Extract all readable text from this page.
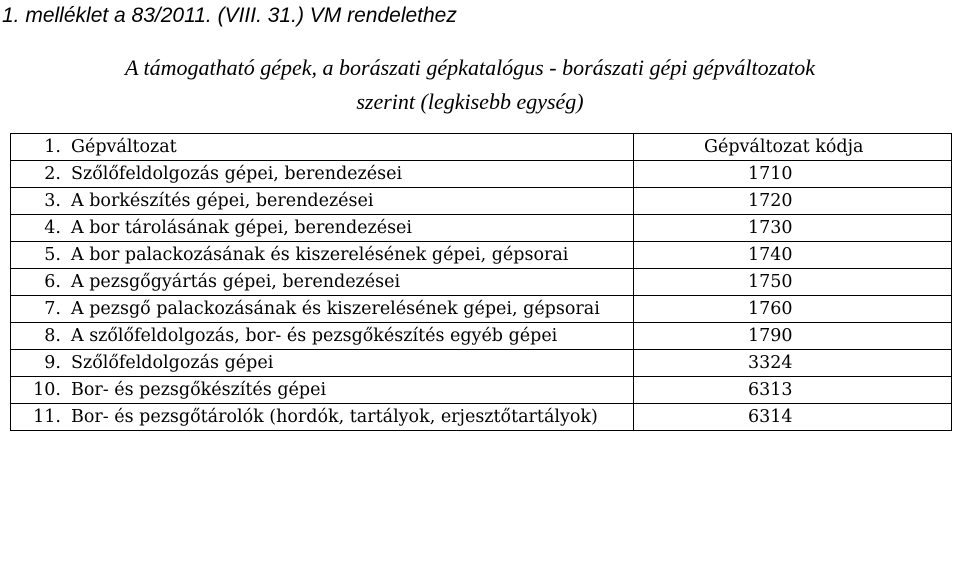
1. melléklet a 83/2011. (VIII. 31.) VM rendelethez
A támogatható gépek, a borászati gépkatalógus - borászati gépi gépváltozatok
szerint (legkisebb egység)
1.	Gépváltozat	Gépváltozat kódja
2.	Szőlőfeldolgozás gépei, berendezései	1710
3.	A borkészítés gépei, berendezései	1720
4.	A bor tárolásának gépei, berendezései	1730
5.	A bor palackozásának és kiszerelésének gépei, gépsorai	1740
6.	A pezsgőgyártás gépei, berendezései	1750
7.	A pezsgő palackozásának és kiszerelésének gépei, gépsorai	1760
8.	A szőlőfeldolgozás, bor- és pezsgőkészítés egyéb gépei	1790
9.	Szőlőfeldolgozás gépei	3324
10.	Bor- és pezsgőkészítés gépei	6313
11.	Bor- és pezsgőtárolók (hordók, tartályok, erjesztőtartályok)	6314
